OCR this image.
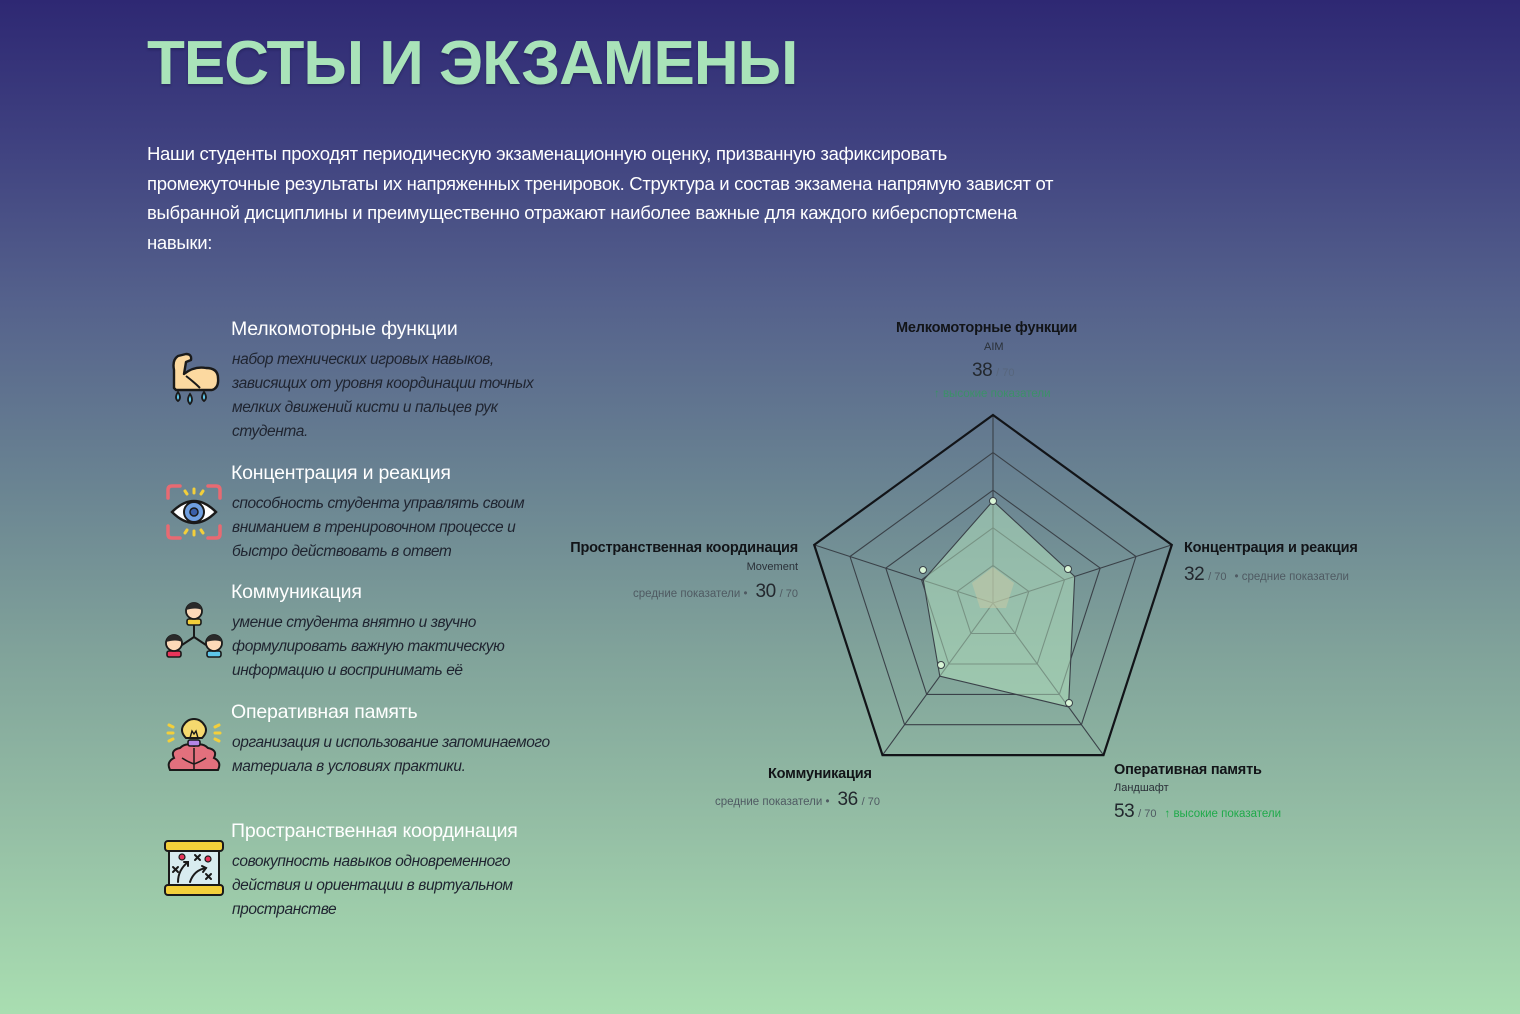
ТЕСТЫ И ЭКЗАМЕНЫ

Наши студенты проходят периодическую экзаменационную оценку, призванную зафиксировать промежуточные результаты их напряженных тренировок. Структура и состав экзамена напрямую зависят от выбранной дисциплины и преимущественно отражают наиболее важные для каждого киберспортсмена навыки:

Мелкомоторные функции
набор технических игровых навыков, зависящих от уровня координации точных мелких движений кисти и пальцев рук студента.
Концентрация и реакция
способность студента управлять своим вниманием в тренировочном процессе и быстро действовать в ответ
Коммуникация
умение студента внятно и звучно формулировать важную тактическую информацию и воспринимать её
Оперативная память
организация и использование запоминаемого материала в условиях практики.
Пространственная координация
совокупность навыков одновременного действия и ориентации в виртуальном пространстве
Мелкомоторные функции
AIM
38 / 70
↑ высокие показатели
Концентрация и реакция
32 / 70 • средние показатели
Оперативная память
Ландшафт
53 / 70 ↑ высокие показатели
Коммуникация
средние показатели • 36 / 70
Пространственная координация
Movement
средние показатели • 30 / 70
